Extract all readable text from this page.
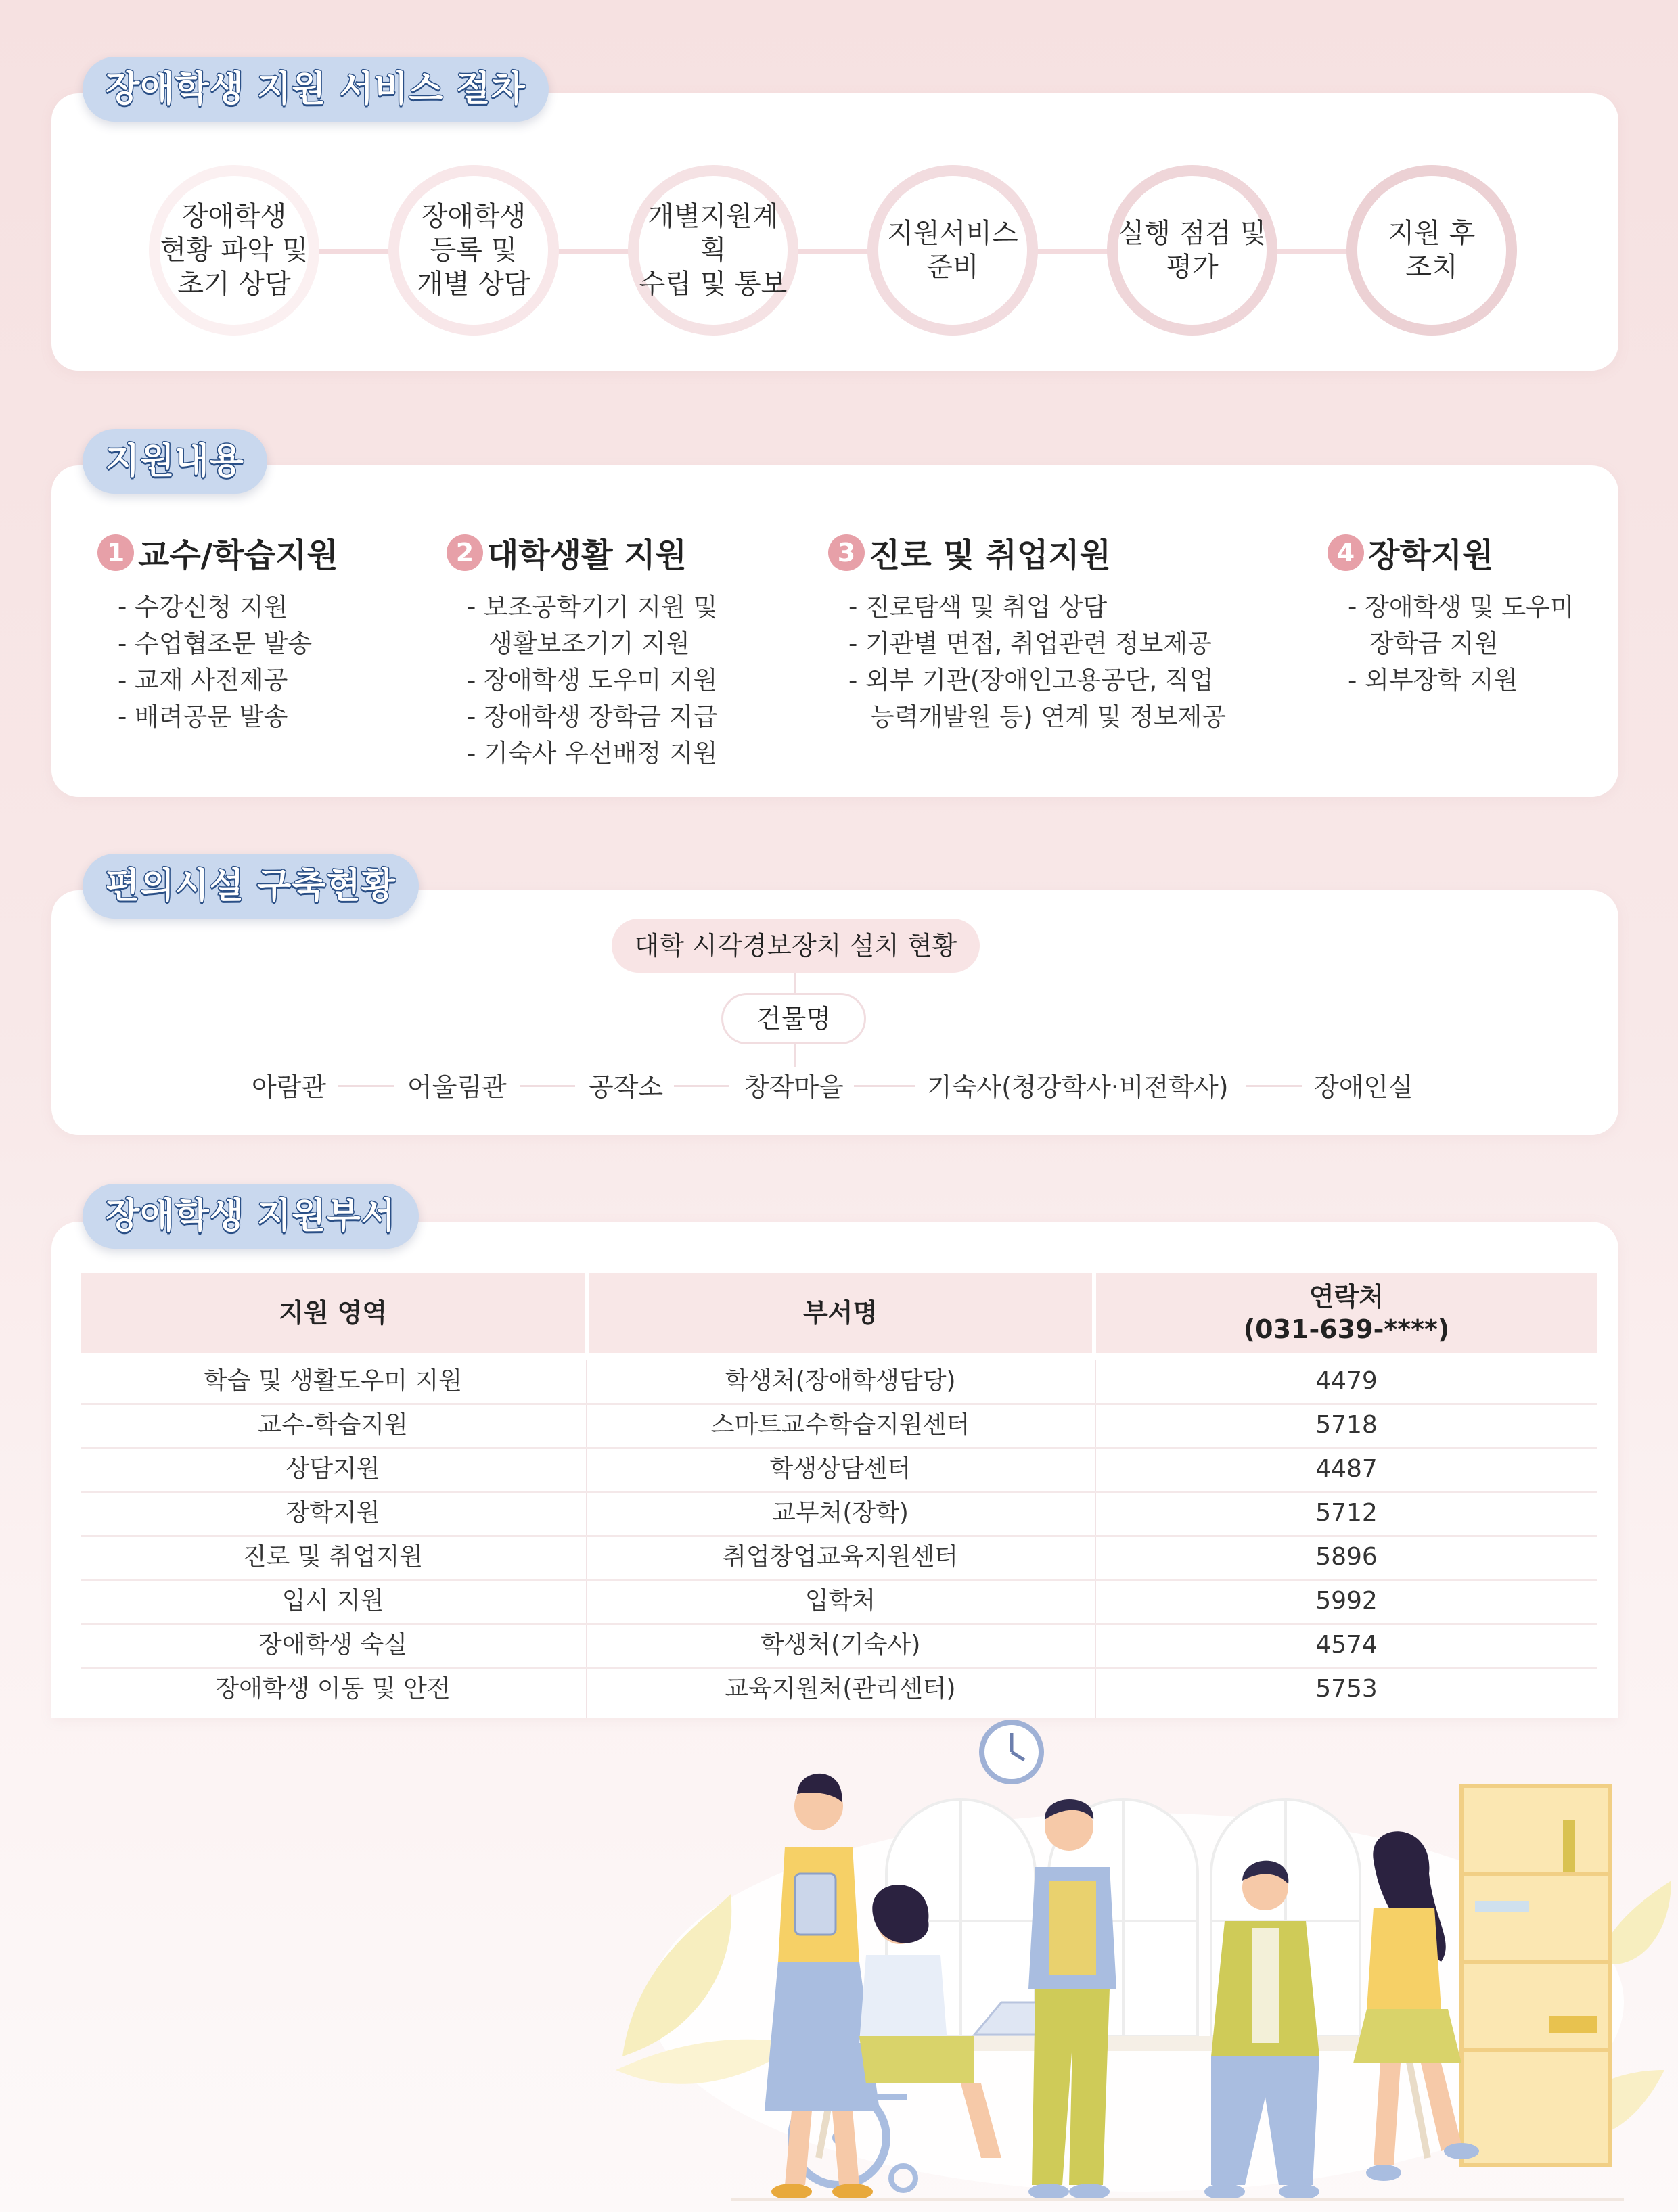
장애학생 지원 서비스 절차
장애학생
현황 파악 및
초기 상담
장애학생
등록 및
개별 상담
개별지원계획
수립 및 통보
지원서비스
준비
실행 점검 및
평가
지원 후
조치
지원내용
1 교수/학습지원
- 수강신청 지원
- 수업협조문 발송
- 교재 사전제공
- 배려공문 발송
2 대학생활 지원
- 보조공학기기 지원 및
생활보조기기 지원
- 장애학생 도우미 지원
- 장애학생 장학금 지급
- 기숙사 우선배정 지원
3 진로 및 취업지원
- 진로탐색 및 취업 상담
- 기관별 면접, 취업관련 정보제공
- 외부 기관(장애인고용공단, 직업
능력개발원 등) 연계 및 정보제공
4 장학지원
- 장애학생 및 도우미
장학금 지원
- 외부장학 지원
편의시설 구축현황
대학 시각경보장치 설치 현황
건물명
아람관	어울림관	공작소	창작마을	기숙사(청강학사·비전학사)	장애인실
장애학생 지원부서
지원 영역	부서명
연락처
(031-639-****)
학습 및 생활도우미 지원	학생처(장애학생담당)	4479
교수-학습지원	스마트교수학습지원센터	5718
상담지원	학생상담센터	4487
장학지원	교무처(장학)	5712
진로 및 취업지원	취업창업교육지원센터	5896
입시 지원	입학처	5992
장애학생 숙실	학생처(기숙사)	4574
장애학생 이동 및 안전	교육지원처(관리센터)	5753
